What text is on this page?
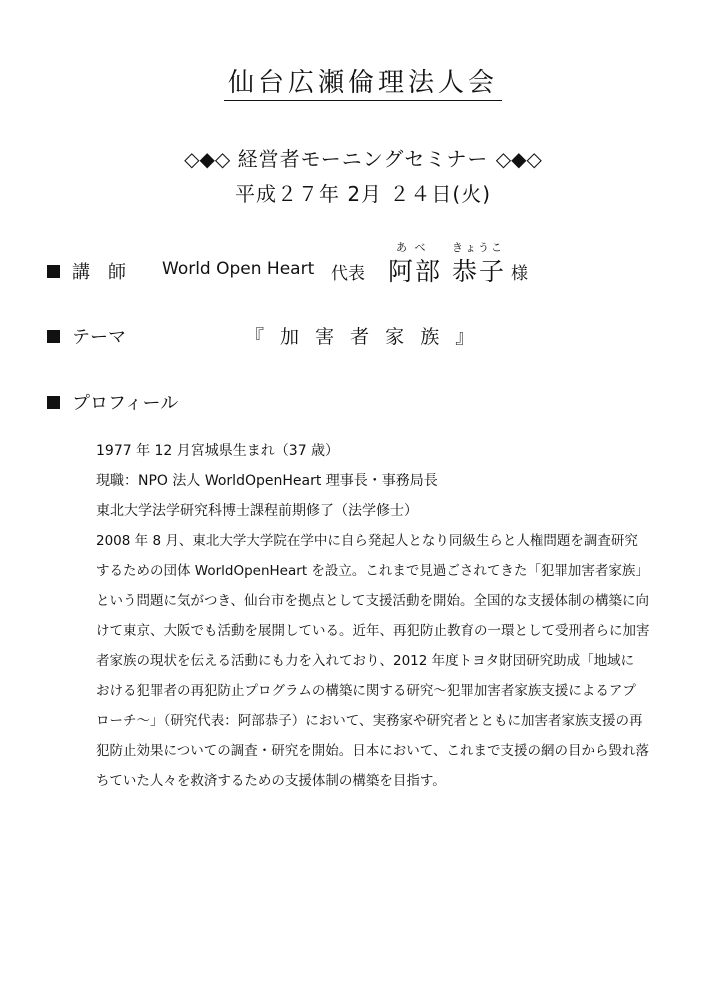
仙台広瀬倫理法人会
◇◆◇ 経営者モーニングセミナー ◇◆◇
平成２７年 2月 ２４日(火)
講　師 World Open Heart 代表
あ べ きょうこ
阿部 恭子 様
テーマ	『 加 害 者 家 族 』
プロフィール
1977 年 12 月宮城県生まれ（37 歳）
現職：NPO 法人 WorldOpenHeart 理事長・事務局長
東北大学法学研究科博士課程前期修了（法学修士）
2008 年 8 月、東北大学大学院在学中に自ら発起人となり同級生らと人権問題を調査研究
するための団体 WorldOpenHeart を設立。これまで見過ごされてきた「犯罪加害者家族」
という問題に気がつき、仙台市を拠点として支援活動を開始。全国的な支援体制の構築に向
けて東京、大阪でも活動を展開している。近年、再犯防止教育の一環として受刑者らに加害
者家族の現状を伝える活動にも力を入れており、2012 年度トヨタ財団研究助成「地域に
おける犯罪者の再犯防止プログラムの構築に関する研究～犯罪加害者家族支援によるアプ
ローチ～」（研究代表：阿部恭子）において、実務家や研究者とともに加害者家族支援の再
犯防止効果についての調査・研究を開始。日本において、これまで支援の網の目から毀れ落
ちていた人々を救済するための支援体制の構築を目指す。
